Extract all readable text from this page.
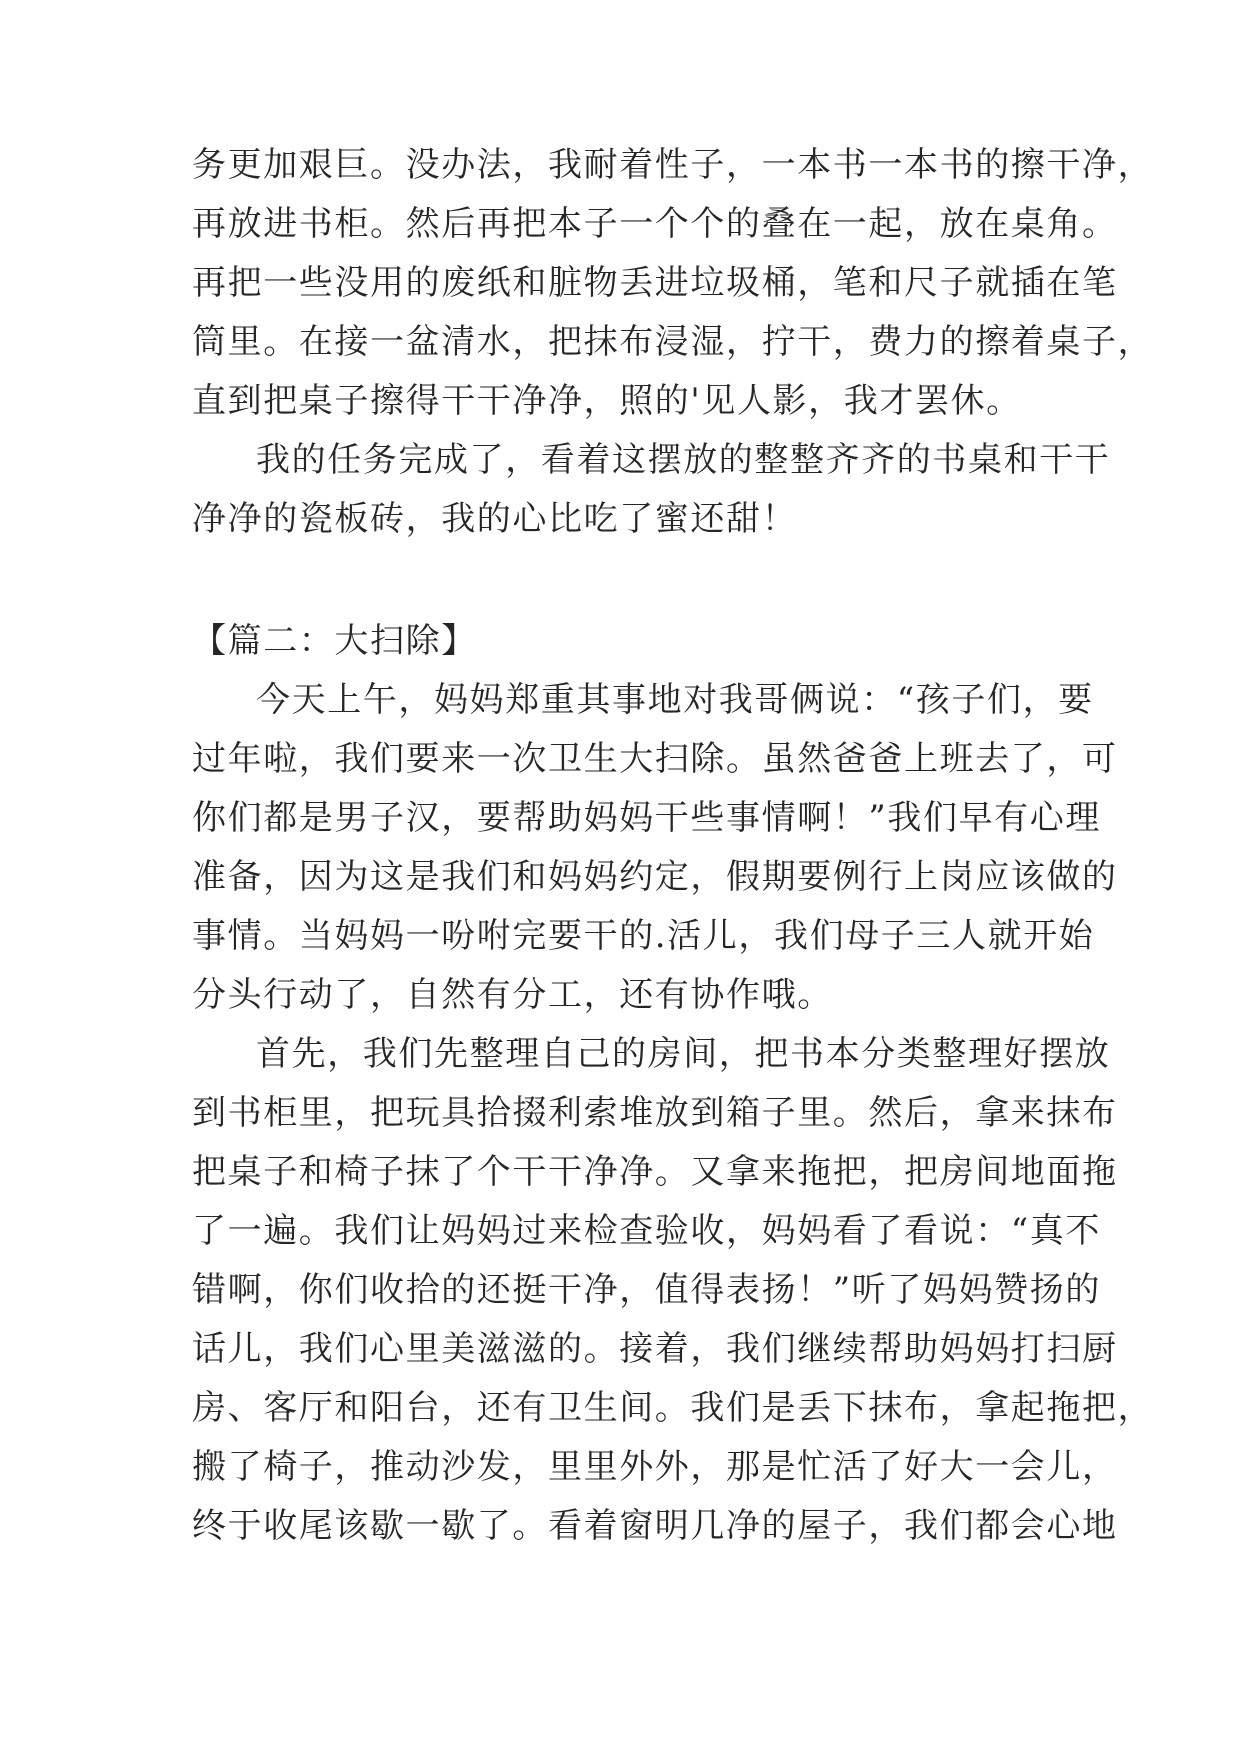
务更加艰巨。没办法，我耐着性子，一本书一本书的擦干净，
再放进书柜。然后再把本子一个个的叠在一起，放在桌角。
再把一些没用的废纸和脏物丢进垃圾桶，笔和尺子就插在笔
筒里。在接一盆清水，把抹布浸湿，拧干，费力的擦着桌子，
直到把桌子擦得干干净净，照的'见人影，我才罢休。
我的任务完成了，看着这摆放的整整齐齐的书桌和干干
净净的瓷板砖，我的心比吃了蜜还甜！
【篇二：大扫除】
今天上午，妈妈郑重其事地对我哥俩说：“孩子们，要
过年啦，我们要来一次卫生大扫除。虽然爸爸上班去了，可
你们都是男子汉，要帮助妈妈干些事情啊！”我们早有心理
准备，因为这是我们和妈妈约定，假期要例行上岗应该做的
事情。当妈妈一吩咐完要干的.活儿，我们母子三人就开始
分头行动了，自然有分工，还有协作哦。
首先，我们先整理自己的房间，把书本分类整理好摆放
到书柜里，把玩具拾掇利索堆放到箱子里。然后，拿来抹布
把桌子和椅子抹了个干干净净。又拿来拖把，把房间地面拖
了一遍。我们让妈妈过来检查验收，妈妈看了看说：“真不
错啊，你们收拾的还挺干净，值得表扬！”听了妈妈赞扬的
话儿，我们心里美滋滋的。接着，我们继续帮助妈妈打扫厨
房、客厅和阳台，还有卫生间。我们是丢下抹布，拿起拖把，
搬了椅子，推动沙发，里里外外，那是忙活了好大一会儿，
终于收尾该歇一歇了。看着窗明几净的屋子，我们都会心地
